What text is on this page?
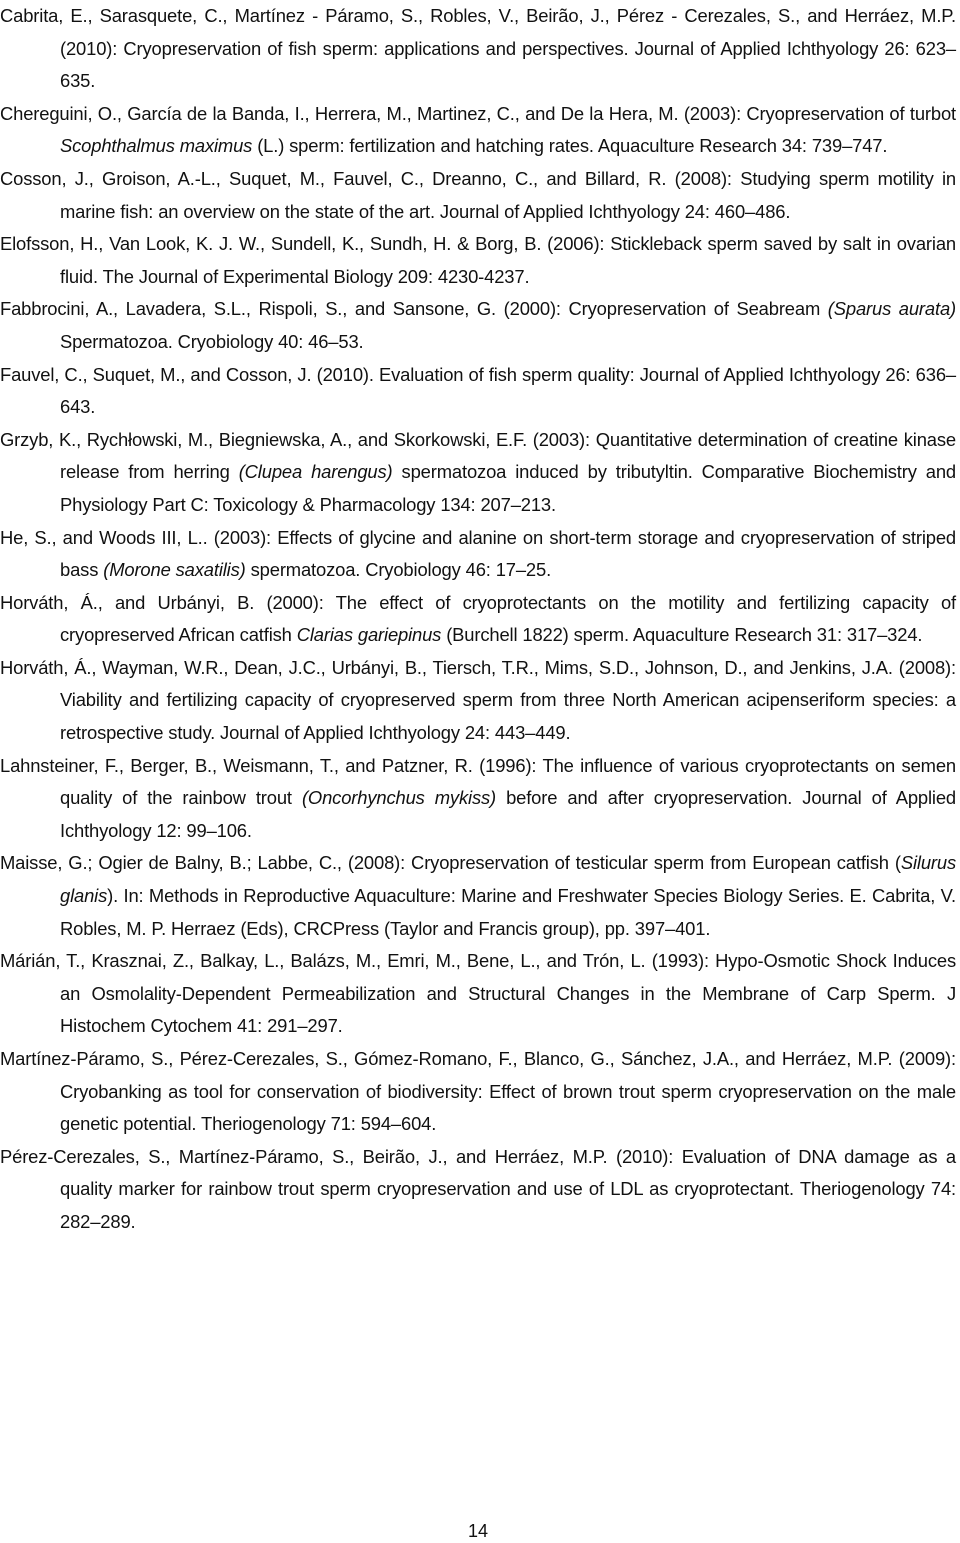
Cabrita, E., Sarasquete, C., Martínez - Páramo, S., Robles, V., Beirão, J., Pérez - Cerezales, S., and Herráez, M.P. (2010): Cryopreservation of fish sperm: applications and perspectives. Journal of Applied Ichthyology 26: 623–635.

Chereguini, O., García de la Banda, I., Herrera, M., Martinez, C., and De la Hera, M. (2003): Cryopreservation of turbot Scophthalmus maximus (L.) sperm: fertilization and hatching rates. Aquaculture Research 34: 739–747.

Cosson, J., Groison, A.-L., Suquet, M., Fauvel, C., Dreanno, C., and Billard, R. (2008): Studying sperm motility in marine fish: an overview on the state of the art. Journal of Applied Ichthyology 24: 460–486.

Elofsson, H., Van Look, K. J. W., Sundell, K., Sundh, H. & Borg, B. (2006): Stickleback sperm saved by salt in ovarian fluid. The Journal of Experimental Biology 209: 4230-4237.

Fabbrocini, A., Lavadera, S.L., Rispoli, S., and Sansone, G. (2000): Cryopreservation of Seabream (Sparus aurata) Spermatozoa. Cryobiology 40: 46–53.

Fauvel, C., Suquet, M., and Cosson, J. (2010). Evaluation of fish sperm quality: Journal of Applied Ichthyology 26: 636–643.

Grzyb, K., Rychłowski, M., Biegniewska, A., and Skorkowski, E.F. (2003): Quantitative determination of creatine kinase release from herring (Clupea harengus) spermatozoa induced by tributyltin. Comparative Biochemistry and Physiology Part C: Toxicology & Pharmacology 134: 207–213.

He, S., and Woods III, L.. (2003): Effects of glycine and alanine on short-term storage and cryopreservation of striped bass (Morone saxatilis) spermatozoa. Cryobiology 46: 17–25.

Horváth, Á., and Urbányi, B. (2000): The effect of cryoprotectants on the motility and fertilizing capacity of cryopreserved African catfish Clarias gariepinus (Burchell 1822) sperm. Aquaculture Research 31: 317–324.

Horváth, Á., Wayman, W.R., Dean, J.C., Urbányi, B., Tiersch, T.R., Mims, S.D., Johnson, D., and Jenkins, J.A. (2008): Viability and fertilizing capacity of cryopreserved sperm from three North American acipenseriform species: a retrospective study. Journal of Applied Ichthyology 24: 443–449.

Lahnsteiner, F., Berger, B., Weismann, T., and Patzner, R. (1996): The influence of various cryoprotectants on semen quality of the rainbow trout (Oncorhynchus mykiss) before and after cryopreservation. Journal of Applied Ichthyology 12: 99–106.

Maisse, G.; Ogier de Balny, B.; Labbe, C., (2008): Cryopreservation of testicular sperm from European catfish (Silurus glanis). In: Methods in Reproductive Aquaculture: Marine and Freshwater Species Biology Series. E. Cabrita, V. Robles, M. P. Herraez (Eds), CRCPress (Taylor and Francis group), pp. 397–401.

Márián, T., Krasznai, Z., Balkay, L., Balázs, M., Emri, M., Bene, L., and Trón, L. (1993): Hypo-Osmotic Shock Induces an Osmolality-Dependent Permeabilization and Structural Changes in the Membrane of Carp Sperm. J Histochem Cytochem 41: 291–297.

Martínez-Páramo, S., Pérez-Cerezales, S., Gómez-Romano, F., Blanco, G., Sánchez, J.A., and Herráez, M.P. (2009): Cryobanking as tool for conservation of biodiversity: Effect of brown trout sperm cryopreservation on the male genetic potential. Theriogenology 71: 594–604.

Pérez-Cerezales, S., Martínez-Páramo, S., Beirão, J., and Herráez, M.P. (2010): Evaluation of DNA damage as a quality marker for rainbow trout sperm cryopreservation and use of LDL as cryoprotectant. Theriogenology 74: 282–289.

14
